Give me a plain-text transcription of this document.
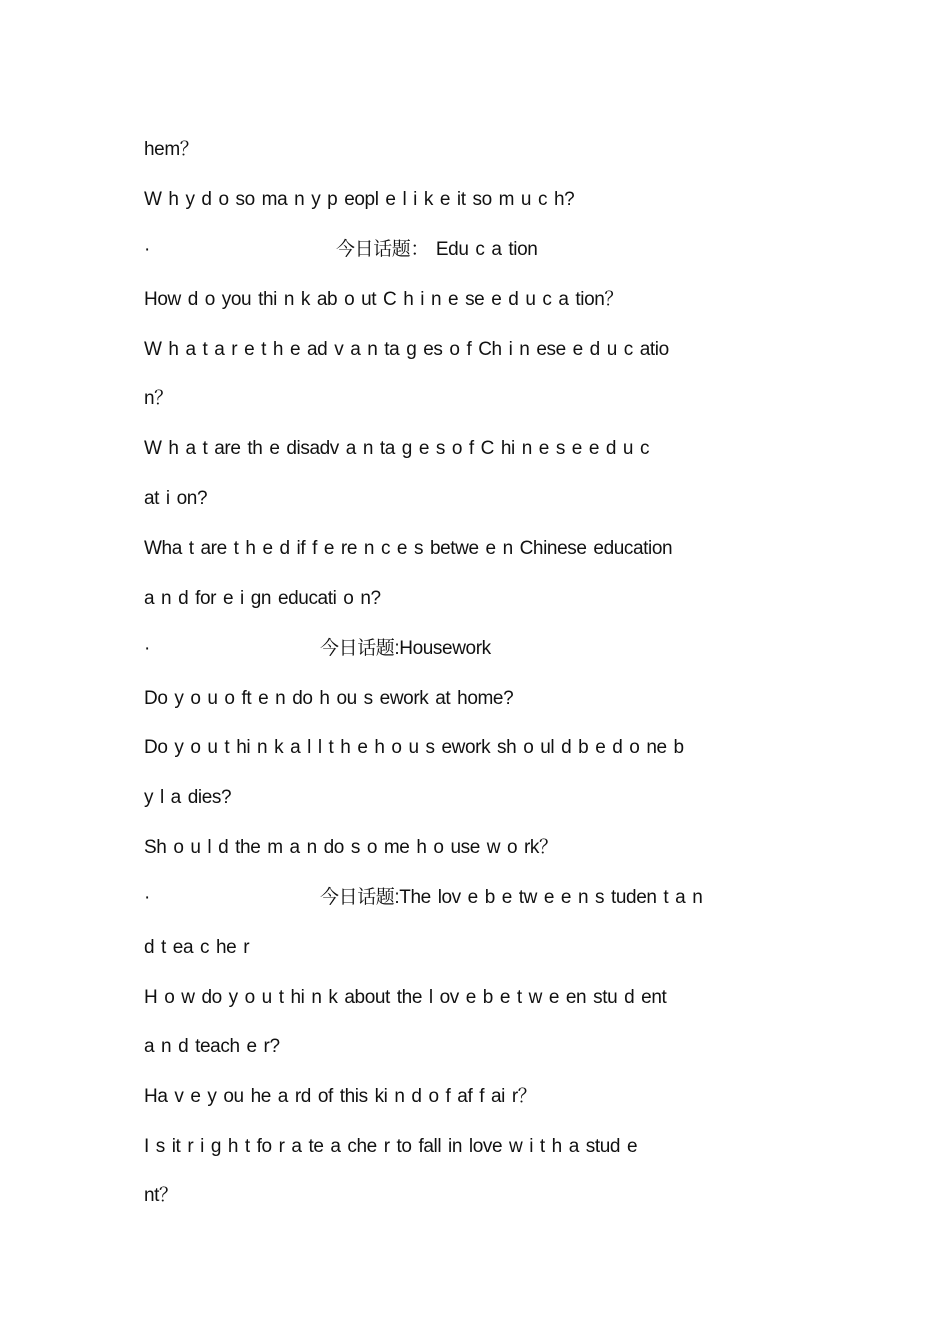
hem？
W h y d o so ma n y p eopl e l i k e it so m u c h?
·	今日话题： Edu c a tion
How d o you thi n k ab o ut C h i n e se e d u c a tion？
W h a t a r e t h e ad v a n ta g es o f Ch i n ese e d u c atio
n？
W h a t are th e disadv a n ta g e s o f C hi n e s e e d u c
at i on?
Wha t are t h e d if f e re n c e s betwe e n Chinese education
a n d for e i gn educati o n?
·	今日话题:Housework
Do y o u o ft e n do h ou s ework at home?
Do y o u t hi n k a l l t h e h o u s ework sh o ul d b e d o ne b
y l a dies?
Sh o u l d the m a n do s o me h o use w o rk？
·	今日话题:The lov e b e tw e e n s tuden t a n
d t ea c he r
H o w do y o u t hi n k about the l ov e b e t w e en stu d ent
a n d teach e r?
Ha v e y ou he a rd of this ki n d o f af f ai r？
I s it r i g h t fo r a te a che r to fall in love w i t h a stud e
nt？
